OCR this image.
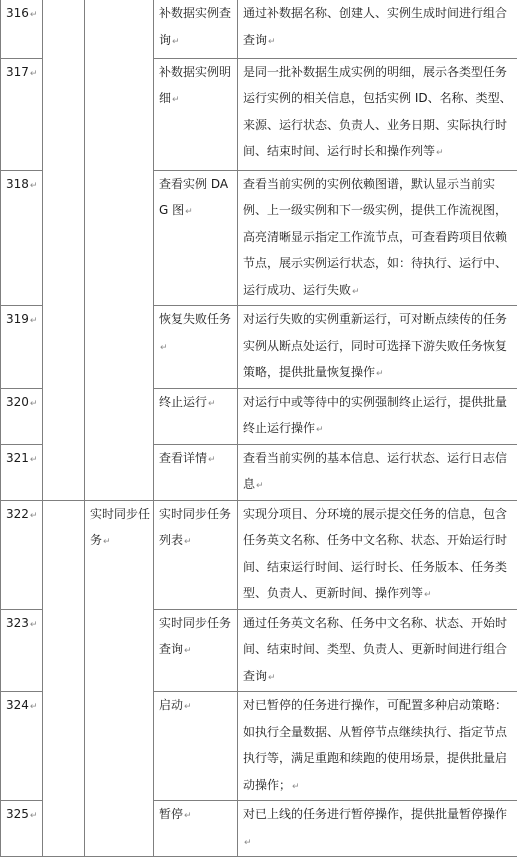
316↵			补数据实例查询↵	通过补数据名称、创建人、实例生成时间进行组合查询↵
317↵			补数据实例明细↵	是同一批补数据生成实例的明细，展示各类型任务运行实例的相关信息，包括实例 ID、名称、类型、来源、运行状态、负责人、业务日期、实际执行时间、结束时间、运行时长和操作列等↵
318↵			查看实例 DAG 图↵	查看当前实例的实例依赖图谱，默认显示当前实例、上一级实例和下一级实例，提供工作流视图，高亮清晰显示指定工作流节点，可查看跨项目依赖节点，展示实例运行状态，如：待执行、运行中、运行成功、运行失败↵
319↵			恢复失败任务↵	对运行失败的实例重新运行，可对断点续传的任务实例从断点处运行，同时可选择下游失败任务恢复策略，提供批量恢复操作↵
320↵			终止运行↵	对运行中或等待中的实例强制终止运行，提供批量终止运行操作↵
321↵			查看详情↵	查看当前实例的基本信息、运行状态、运行日志信息↵
322↵		实时同步任务↵	实时同步任务列表↵	实现分项目、分环境的展示提交任务的信息，包含任务英文名称、任务中文名称、状态、开始运行时间、结束运行时间、运行时长、任务版本、任务类型、负责人、更新时间、操作列等↵
323↵			实时同步任务查询↵	通过任务英文名称、任务中文名称、状态、开始时间、结束时间、类型、负责人、更新时间进行组合查询↵
324↵			启动↵	对已暂停的任务进行操作，可配置多种启动策略：如执行全量数据、从暂停节点继续执行、指定节点执行等，满足重跑和续跑的使用场景，提供批量启动操作；↵
325↵			暂停↵	对已上线的任务进行暂停操作，提供批量暂停操作↵
